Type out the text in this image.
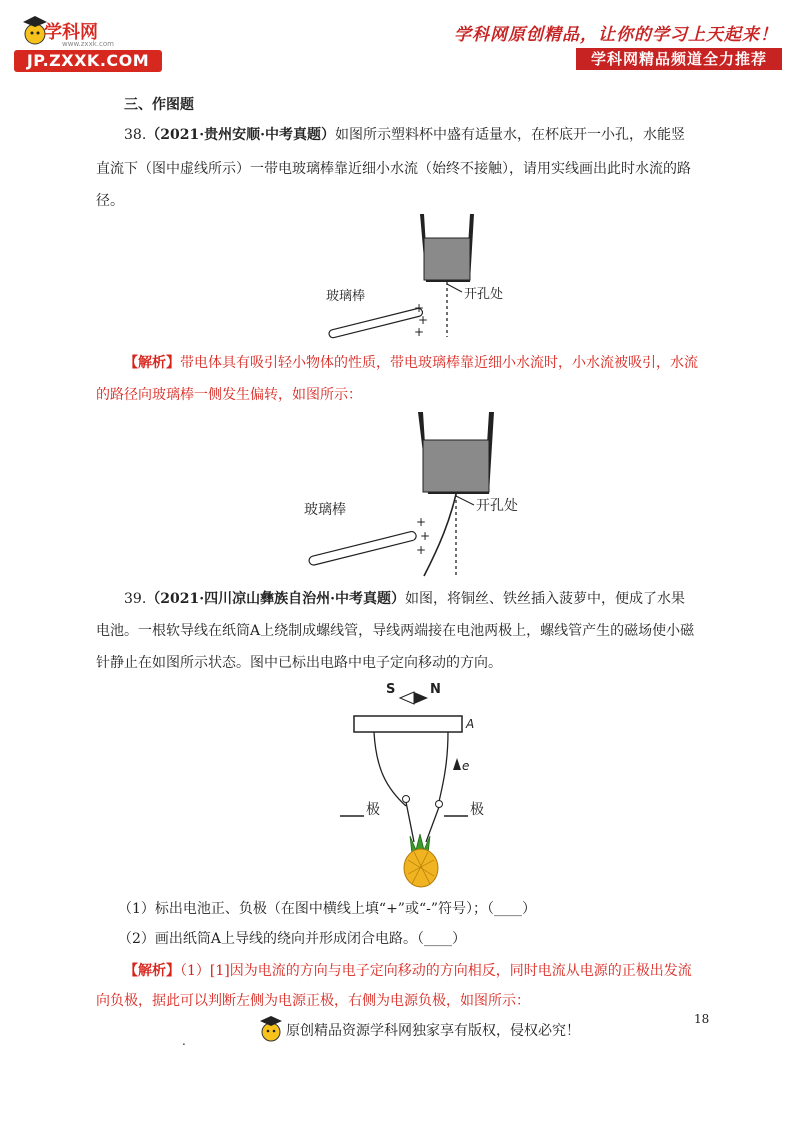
学科网
www.zxxk.com
JP.ZXXK.COM
学科网原创精品，让你的学习上天起来！
学科网精品频道全力推荐
三、作图题
38.（2021·贵州安顺·中考真题）如图所示塑料杯中盛有适量水，在杯底开一小孔，水能竖
直流下（图中虚线所示）一带电玻璃棒靠近细小水流（始终不接触），请用实线画出此时水流的路
径。
开孔处
玻璃棒
+
+
+
【解析】带电体具有吸引轻小物体的性质，带电玻璃棒靠近细小水流时，小水流被吸引，水流
的路径向玻璃棒一侧发生偏转，如图所示：
开孔处
玻璃棒
+
+
+
39.（2021·四川凉山彝族自治州·中考真题）如图，将铜丝、铁丝插入菠萝中，便成了水果
电池。一根软导线在纸筒A上绕制成螺线管，导线两端接在电池两极上，螺线管产生的磁场使小磁
针静止在如图所示状态。图中已标出电路中电子定向移动的方向。
S	N
A
e
极	极
（1）标出电池正、负极（在图中横线上填“+”或“-”符号）；（____）
（2）画出纸筒A上导线的绕向并形成闭合电路。（____）
【解析】（1）[1]因为电流的方向与电子定向移动的方向相反，同时电流从电源的正极出发流
向负极，据此可以判断左侧为电源正极，右侧为电源负极，如图所示：
18
.
原创精品资源学科网独家享有版权，侵权必究！
